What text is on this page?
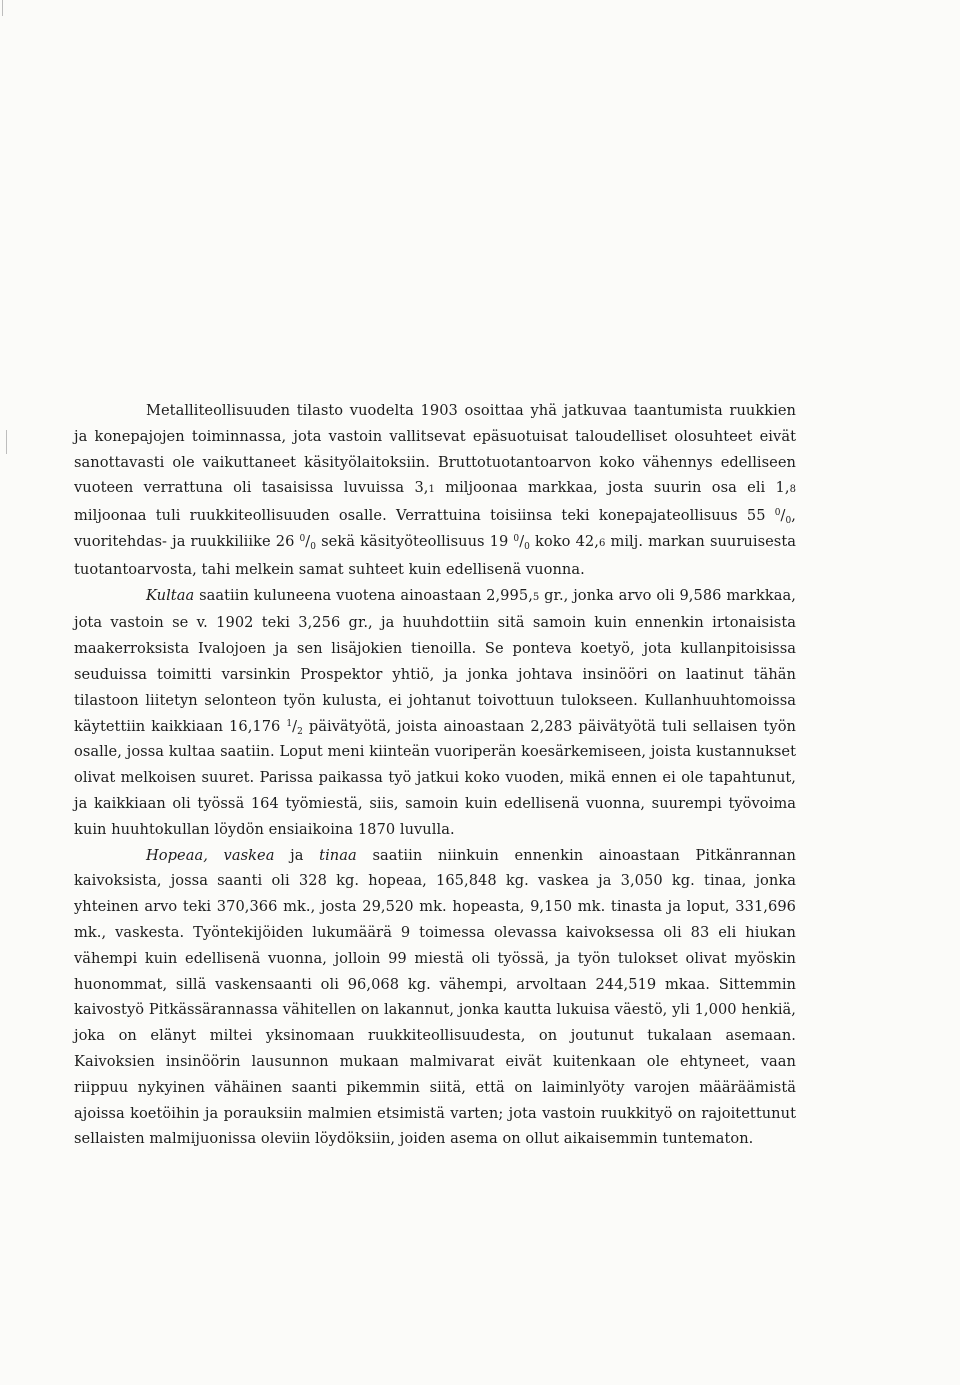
Metalliteollisuuden tilasto vuodelta 1903 osoittaa yhä jatkuvaa taantumista ruukkien ja konepajojen toiminnassa, jota vastoin vallitsevat epäsuotuisat taloudelliset olosuhteet eivät sanottavasti ole vaikuttaneet käsityölaitoksiin. Bruttotuotantoarvon koko vähennys edelliseen vuoteen verrattuna oli tasaisissa luvuissa 3,1 miljoonaa markkaa, josta suurin osa eli 1,8 miljoonaa tuli ruukkiteollisuuden osalle. Verrattuina toisiinsa teki konepajateollisuus 55 $^0/_0$, vuoritehdas- ja ruukkiliike 26 $^0/_0$ sekä käsityöteollisuus 19 $^0/_0$ koko 42,6 milj. markan suuruisesta tuotantoarvosta, tahi melkein samat suhteet kuin edellisenä vuonna.

Kultaa saatiin kuluneena vuotena ainoastaan 2,995,5 gr., jonka arvo oli 9,586 markkaa, jota vastoin se v. 1902 teki 3,256 gr., ja huuhdottiin sitä samoin kuin ennenkin irtonaisista maakerroksista Ivalojoen ja sen lisäjokien tienoilla. Se ponteva koetyö, jota kullanpitoisissa seuduissa toimitti varsinkin Prospektor yhtiö, ja jonka johtava insinööri on laatinut tähän tilastoon liitetyn selonteon työn kulusta, ei johtanut toivottuun tulokseen. Kullanhuuhtomoissa käytettiin kaikkiaan 16,176 $^1/_2$ päivätyötä, joista ainoastaan 2,283 päivätyötä tuli sellaisen työn osalle, jossa kultaa saatiin. Loput meni kiinteän vuoriperän koesärkemiseen, joista kustannukset olivat melkoisen suuret. Parissa paikassa työ jatkui koko vuoden, mikä ennen ei ole tapahtunut, ja kaikkiaan oli työssä 164 työmiestä, siis, samoin kuin edellisenä vuonna, suurempi työvoima kuin huuhtokullan löydön ensiaikoina 1870 luvulla.

Hopeaa, vaskea ja tinaa saatiin niinkuin ennenkin ainoastaan Pitkänrannan kaivoksista, jossa saanti oli 328 kg. hopeaa, 165,848 kg. vaskea ja 3,050 kg. tinaa, jonka yhteinen arvo teki 370,366 mk., josta 29,520 mk. hopeasta, 9,150 mk. tinasta ja loput, 331,696 mk., vaskesta. Työntekijöiden lukumäärä 9 toimessa olevassa kaivoksessa oli 83 eli hiukan vähempi kuin edellisenä vuonna, jolloin 99 miestä oli työssä, ja työn tulokset olivat myöskin huonommat, sillä vaskensaanti oli 96,068 kg. vähempi, arvoltaan 244,519 mkaa. Sittemmin kaivostyö Pitkässärannassa vähitellen on lakannut, jonka kautta lukuisa väestö, yli 1,000 henkiä, joka on elänyt miltei yksinomaan ruukkiteollisuudesta, on joutunut tukalaan asemaan. Kaivoksien insinöörin lausunnon mukaan malmivarat eivät kuitenkaan ole ehtyneet, vaan riippuu nykyinen vähäinen saanti pikemmin siitä, että on laiminlyöty varojen määräämistä ajoissa koetöihin ja porauksiin malmien etsimistä varten; jota vastoin ruukkityö on rajoitettunut sellaisten malmijuonissa oleviin löydöksiin, joiden asema on ollut aikaisemmin tuntematon.
